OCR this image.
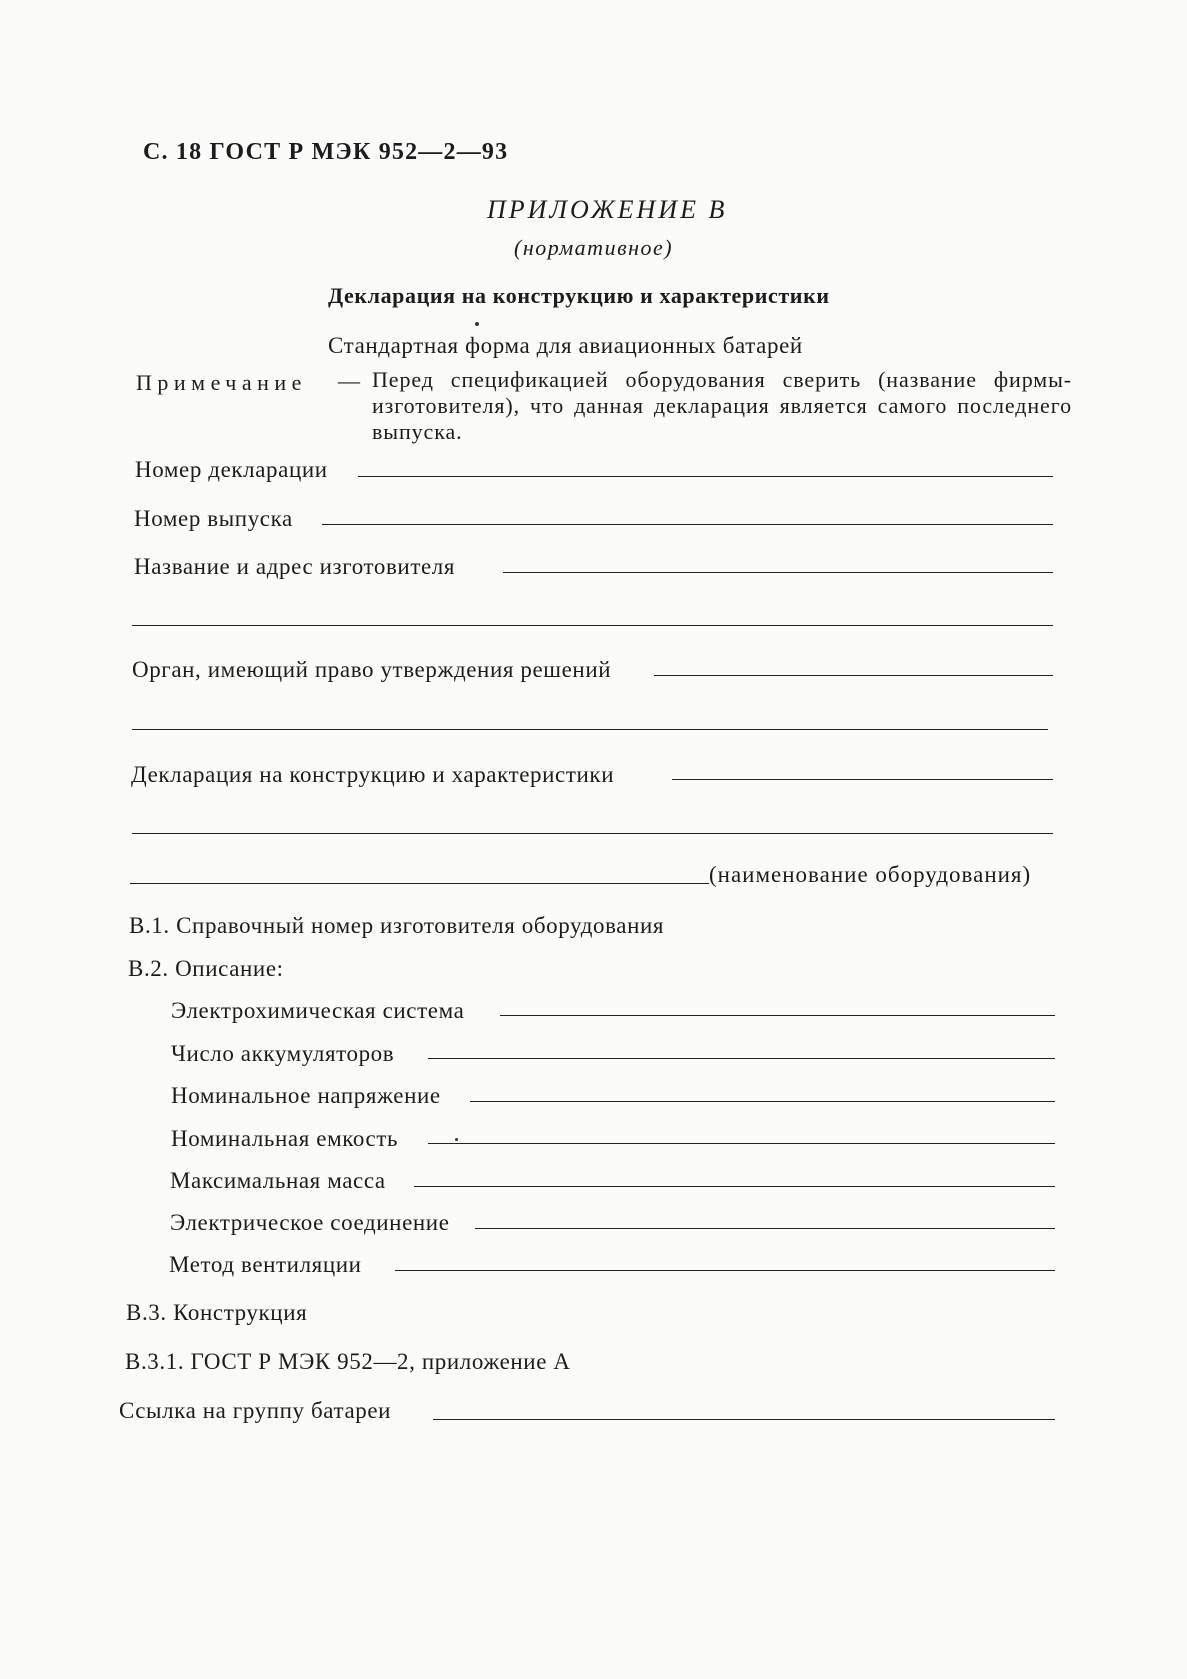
С. 18 ГОСТ Р МЭК 952—2—93
ПРИЛОЖЕНИЕ В
(нормативное)
Декларация на конструкцию и характеристики
Стандартная форма для авиационных батарей
Примечание — Перед спецификацией оборудования сверить (название фирмы-изготовителя), что данная декларация является самого последнего выпуска.
Номер декларации
Номер выпуска
Название и адрес изготовителя
Орган, имеющий право утверждения решений
Декларация на конструкцию и характеристики
(наименование оборудования)
В.1. Справочный номер изготовителя оборудования
В.2. Описание:
Электрохимическая система
Число аккумуляторов
Номинальное напряжение
Номинальная емкость
Максимальная масса
Электрическое соединение
Метод вентиляции
В.3. Конструкция
В.3.1. ГОСТ Р МЭК 952—2, приложение А
Ссылка на группу батареи
